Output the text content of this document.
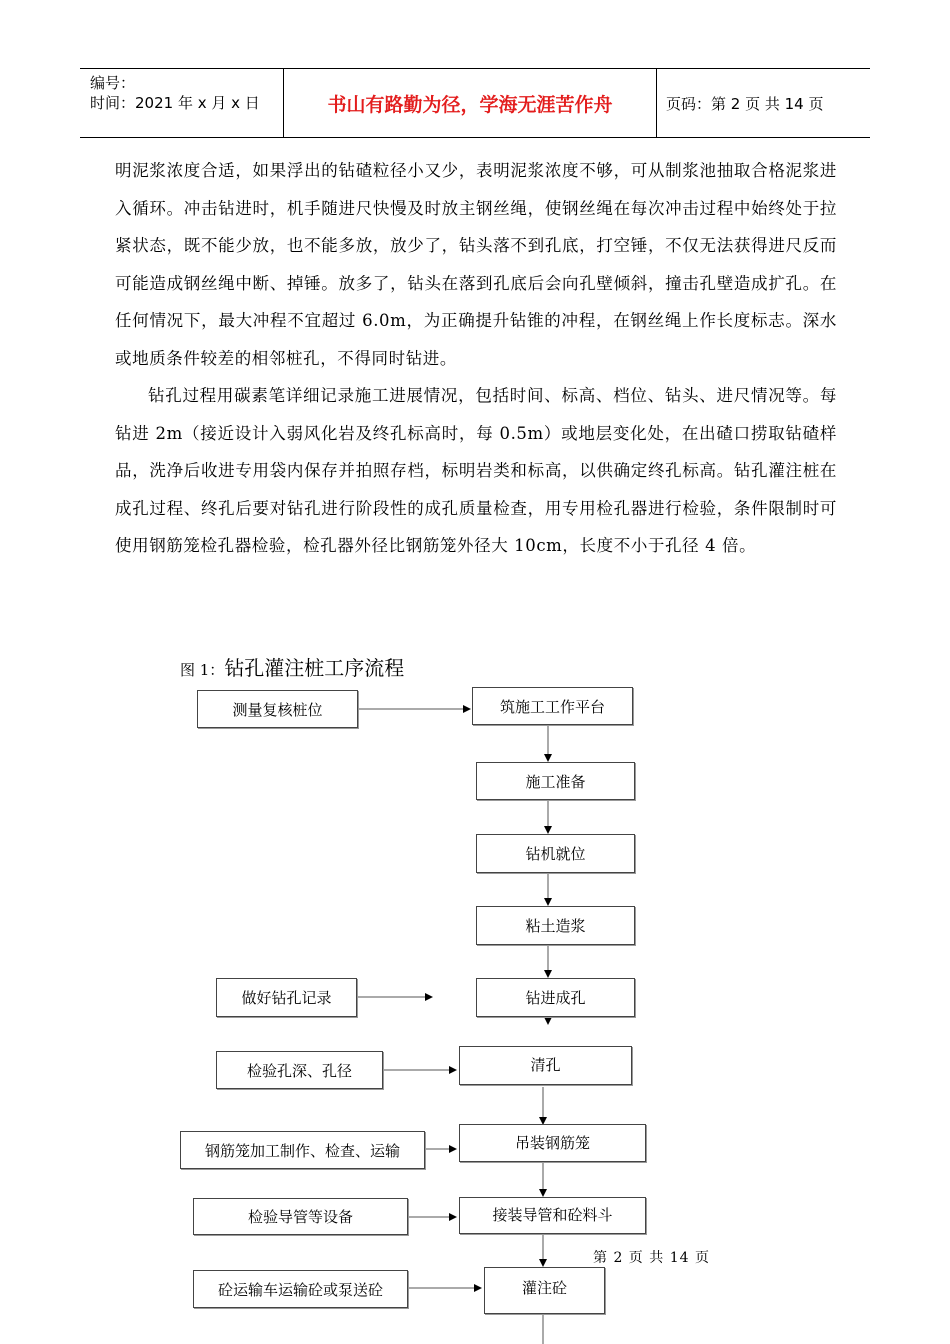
编号：
时间：2021 年 x 月 x 日	书山有路勤为径，学海无涯苦作舟	页码：第 2 页 共 14 页

明泥浆浓度合适，如果浮出的钻碴粒径小又少，表明泥浆浓度不够，可从制浆池抽取合格泥浆进入循环。冲击钻进时，机手随进尺快慢及时放主钢丝绳，使钢丝绳在每次冲击过程中始终处于拉紧状态，既不能少放，也不能多放，放少了，钻头落不到孔底，打空锤，不仅无法获得进尺反而可能造成钢丝绳中断、掉锤。放多了，钻头在落到孔底后会向孔壁倾斜，撞击孔壁造成扩孔。在任何情况下，最大冲程不宜超过 6.0m，为正确提升钻锥的冲程，在钢丝绳上作长度标志。深水或地质条件较差的相邻桩孔，不得同时钻进。

钻孔过程用碳素笔详细记录施工进展情况，包括时间、标高、档位、钻头、进尺情况等。每钻进 2m（接近设计入弱风化岩及终孔标高时，每 0.5m）或地层变化处，在出碴口捞取钻碴样品，洗净后收进专用袋内保存并拍照存档，标明岩类和标高，以供确定终孔标高。钻孔灌注桩在成孔过程、终孔后要对钻孔进行阶段性的成孔质量检查，用专用检孔器进行检验，条件限制时可使用钢筋笼检孔器检验，检孔器外径比钢筋笼外径大 10cm，长度不小于孔径 4 倍。

图 1：钻孔灌注桩工序流程
筑施工工作平台
施工准备
钻机就位
粘土造浆
钻进成孔
清孔
吊装钢筋笼
接装导管和砼料斗
灌注砼
测量复核桩位
做好钻孔记录
检验孔深、孔径
钢筋笼加工制作、检查、运输
检验导管等设备
砼运输车运输砼或泵送砼
第 2 页 共 14 页
